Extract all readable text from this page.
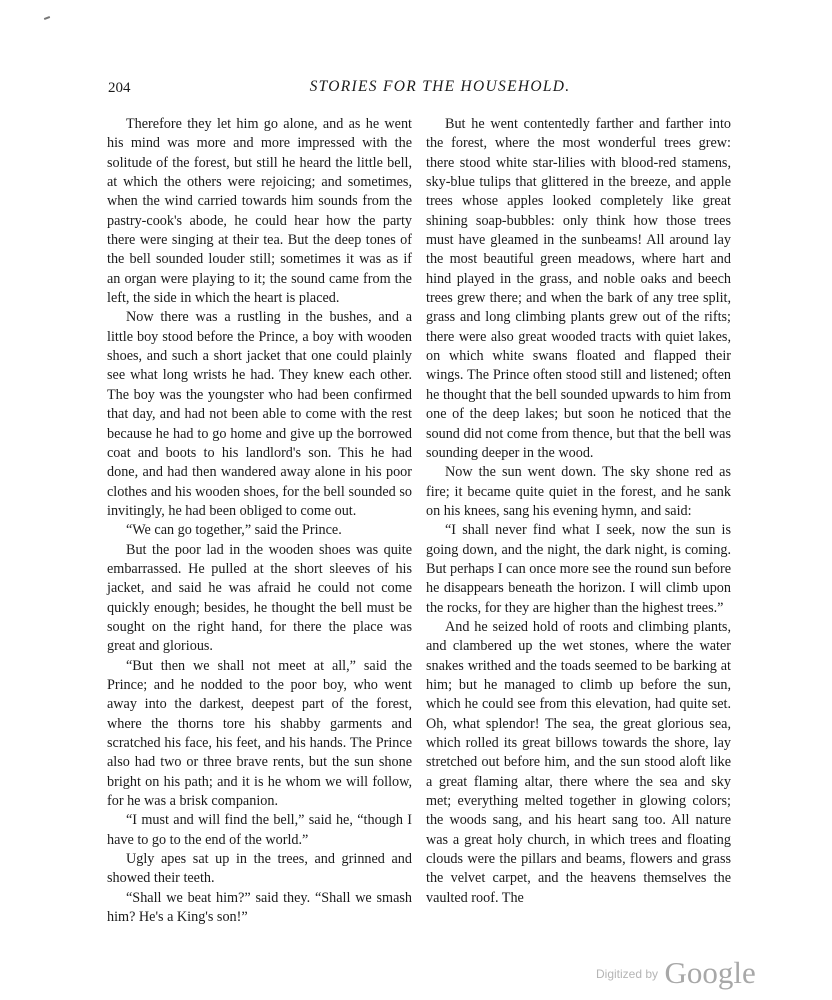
204	STORIES FOR THE HOUSEHOLD.

Therefore they let him go alone, and as he went his mind was more and more impressed with the solitude of the forest, but still he heard the little bell, at which the others were rejoicing; and sometimes, when the wind carried towards him sounds from the pastry-cook's abode, he could hear how the party there were singing at their tea. But the deep tones of the bell sounded louder still; sometimes it was as if an organ were playing to it; the sound came from the left, the side in which the heart is placed.

Now there was a rustling in the bushes, and a little boy stood before the Prince, a boy with wooden shoes, and such a short jacket that one could plainly see what long wrists he had. They knew each other. The boy was the youngster who had been confirmed that day, and had not been able to come with the rest because he had to go home and give up the borrowed coat and boots to his landlord's son. This he had done, and had then wandered away alone in his poor clothes and his wooden shoes, for the bell sounded so invitingly, he had been obliged to come out.

“We can go together,” said the Prince.

But the poor lad in the wooden shoes was quite embarrassed. He pulled at the short sleeves of his jacket, and said he was afraid he could not come quickly enough; besides, he thought the bell must be sought on the right hand, for there the place was great and glorious.

“But then we shall not meet at all,” said the Prince; and he nodded to the poor boy, who went away into the darkest, deepest part of the forest, where the thorns tore his shabby garments and scratched his face, his feet, and his hands. The Prince also had two or three brave rents, but the sun shone bright on his path; and it is he whom we will follow, for he was a brisk companion.

“I must and will find the bell,” said he, “though I have to go to the end of the world.”

Ugly apes sat up in the trees, and grinned and showed their teeth.

“Shall we beat him?” said they. “Shall we smash him? He's a King's son!”

But he went contentedly farther and farther into the forest, where the most wonderful trees grew: there stood white star-lilies with blood-red stamens, sky-blue tulips that glittered in the breeze, and apple trees whose apples looked completely like great shining soap-bubbles: only think how those trees must have gleamed in the sunbeams! All around lay the most beautiful green meadows, where hart and hind played in the grass, and noble oaks and beech trees grew there; and when the bark of any tree split, grass and long climbing plants grew out of the rifts; there were also great wooded tracts with quiet lakes, on which white swans floated and flapped their wings. The Prince often stood still and listened; often he thought that the bell sounded upwards to him from one of the deep lakes; but soon he noticed that the sound did not come from thence, but that the bell was sounding deeper in the wood.

Now the sun went down. The sky shone red as fire; it became quite quiet in the forest, and he sank on his knees, sang his evening hymn, and said:

“I shall never find what I seek, now the sun is going down, and the night, the dark night, is coming. But perhaps I can once more see the round sun before he disappears beneath the horizon. I will climb upon the rocks, for they are higher than the highest trees.”

And he seized hold of roots and climbing plants, and clambered up the wet stones, where the water snakes writhed and the toads seemed to be barking at him; but he managed to climb up before the sun, which he could see from this elevation, had quite set. Oh, what splendor! The sea, the great glorious sea, which rolled its great billows towards the shore, lay stretched out before him, and the sun stood aloft like a great flaming altar, there where the sea and sky met; everything melted together in glowing colors; the woods sang, and his heart sang too. All nature was a great holy church, in which trees and floating clouds were the pillars and beams, flowers and grass the velvet carpet, and the heavens themselves the vaulted roof. The

$^{Digitized by}$ Google
